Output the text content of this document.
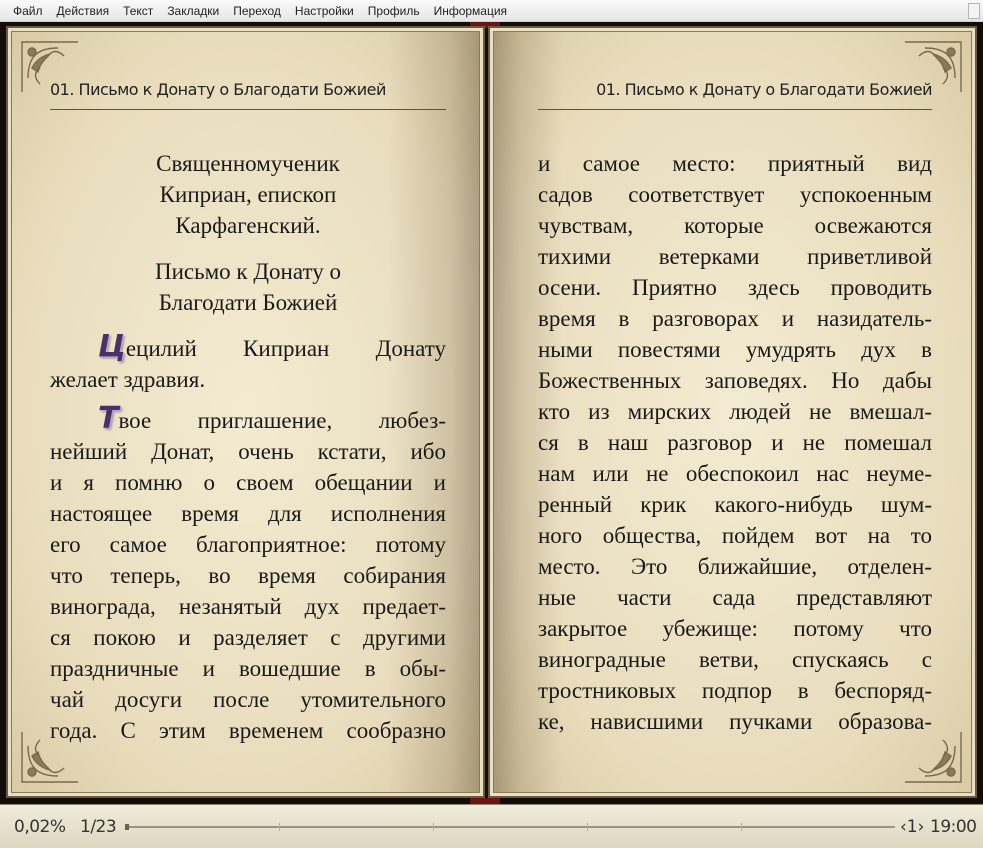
Файл	Действия	Текст	Закладки	Переход	Настройки	Профиль	Информация
01. Письмо к Донату о Благодати Божией
Священномученик
Киприан, епископ
Карфагенский.
Письмо к Донату о
Благодати Божией
Цецилий Киприан Донату
желает здравия.
Твое приглашение, любез-
нейший Донат, очень кстати, ибо
и я помню о своем обещании и
настоящее время для исполнения
его самое благоприятное: потому
что теперь, во время собирания
винограда, незанятый дух предает-
ся покою и разделяет с другими
праздничные и вошедшие в обы-
чай досуги после утомительного
года. С этим временем сообразно
01. Письмо к Донату о Благодати Божией
и самое место: приятный вид
садов соответствует успокоенным
чувствам, которые освежаются
тихими ветерками приветливой
осени. Приятно здесь проводить
время в разговорах и назидатель-
ными повестями умудрять дух в
Божественных заповедях. Но дабы
кто из мирских людей не вмешал-
ся в наш разговор и не помешал
нам или не обеспокоил нас неуме-
ренный крик какого-нибудь шум-
ного общества, пойдем вот на то
место. Это ближайшие, отделен-
ные части сада представляют
закрытое убежище: потому что
виноградные ветви, спускаясь с
тростниковых подпор в беспоряд-
ке, нависшими пучками образова-
0,02% 1/23	‹1› 19:00
